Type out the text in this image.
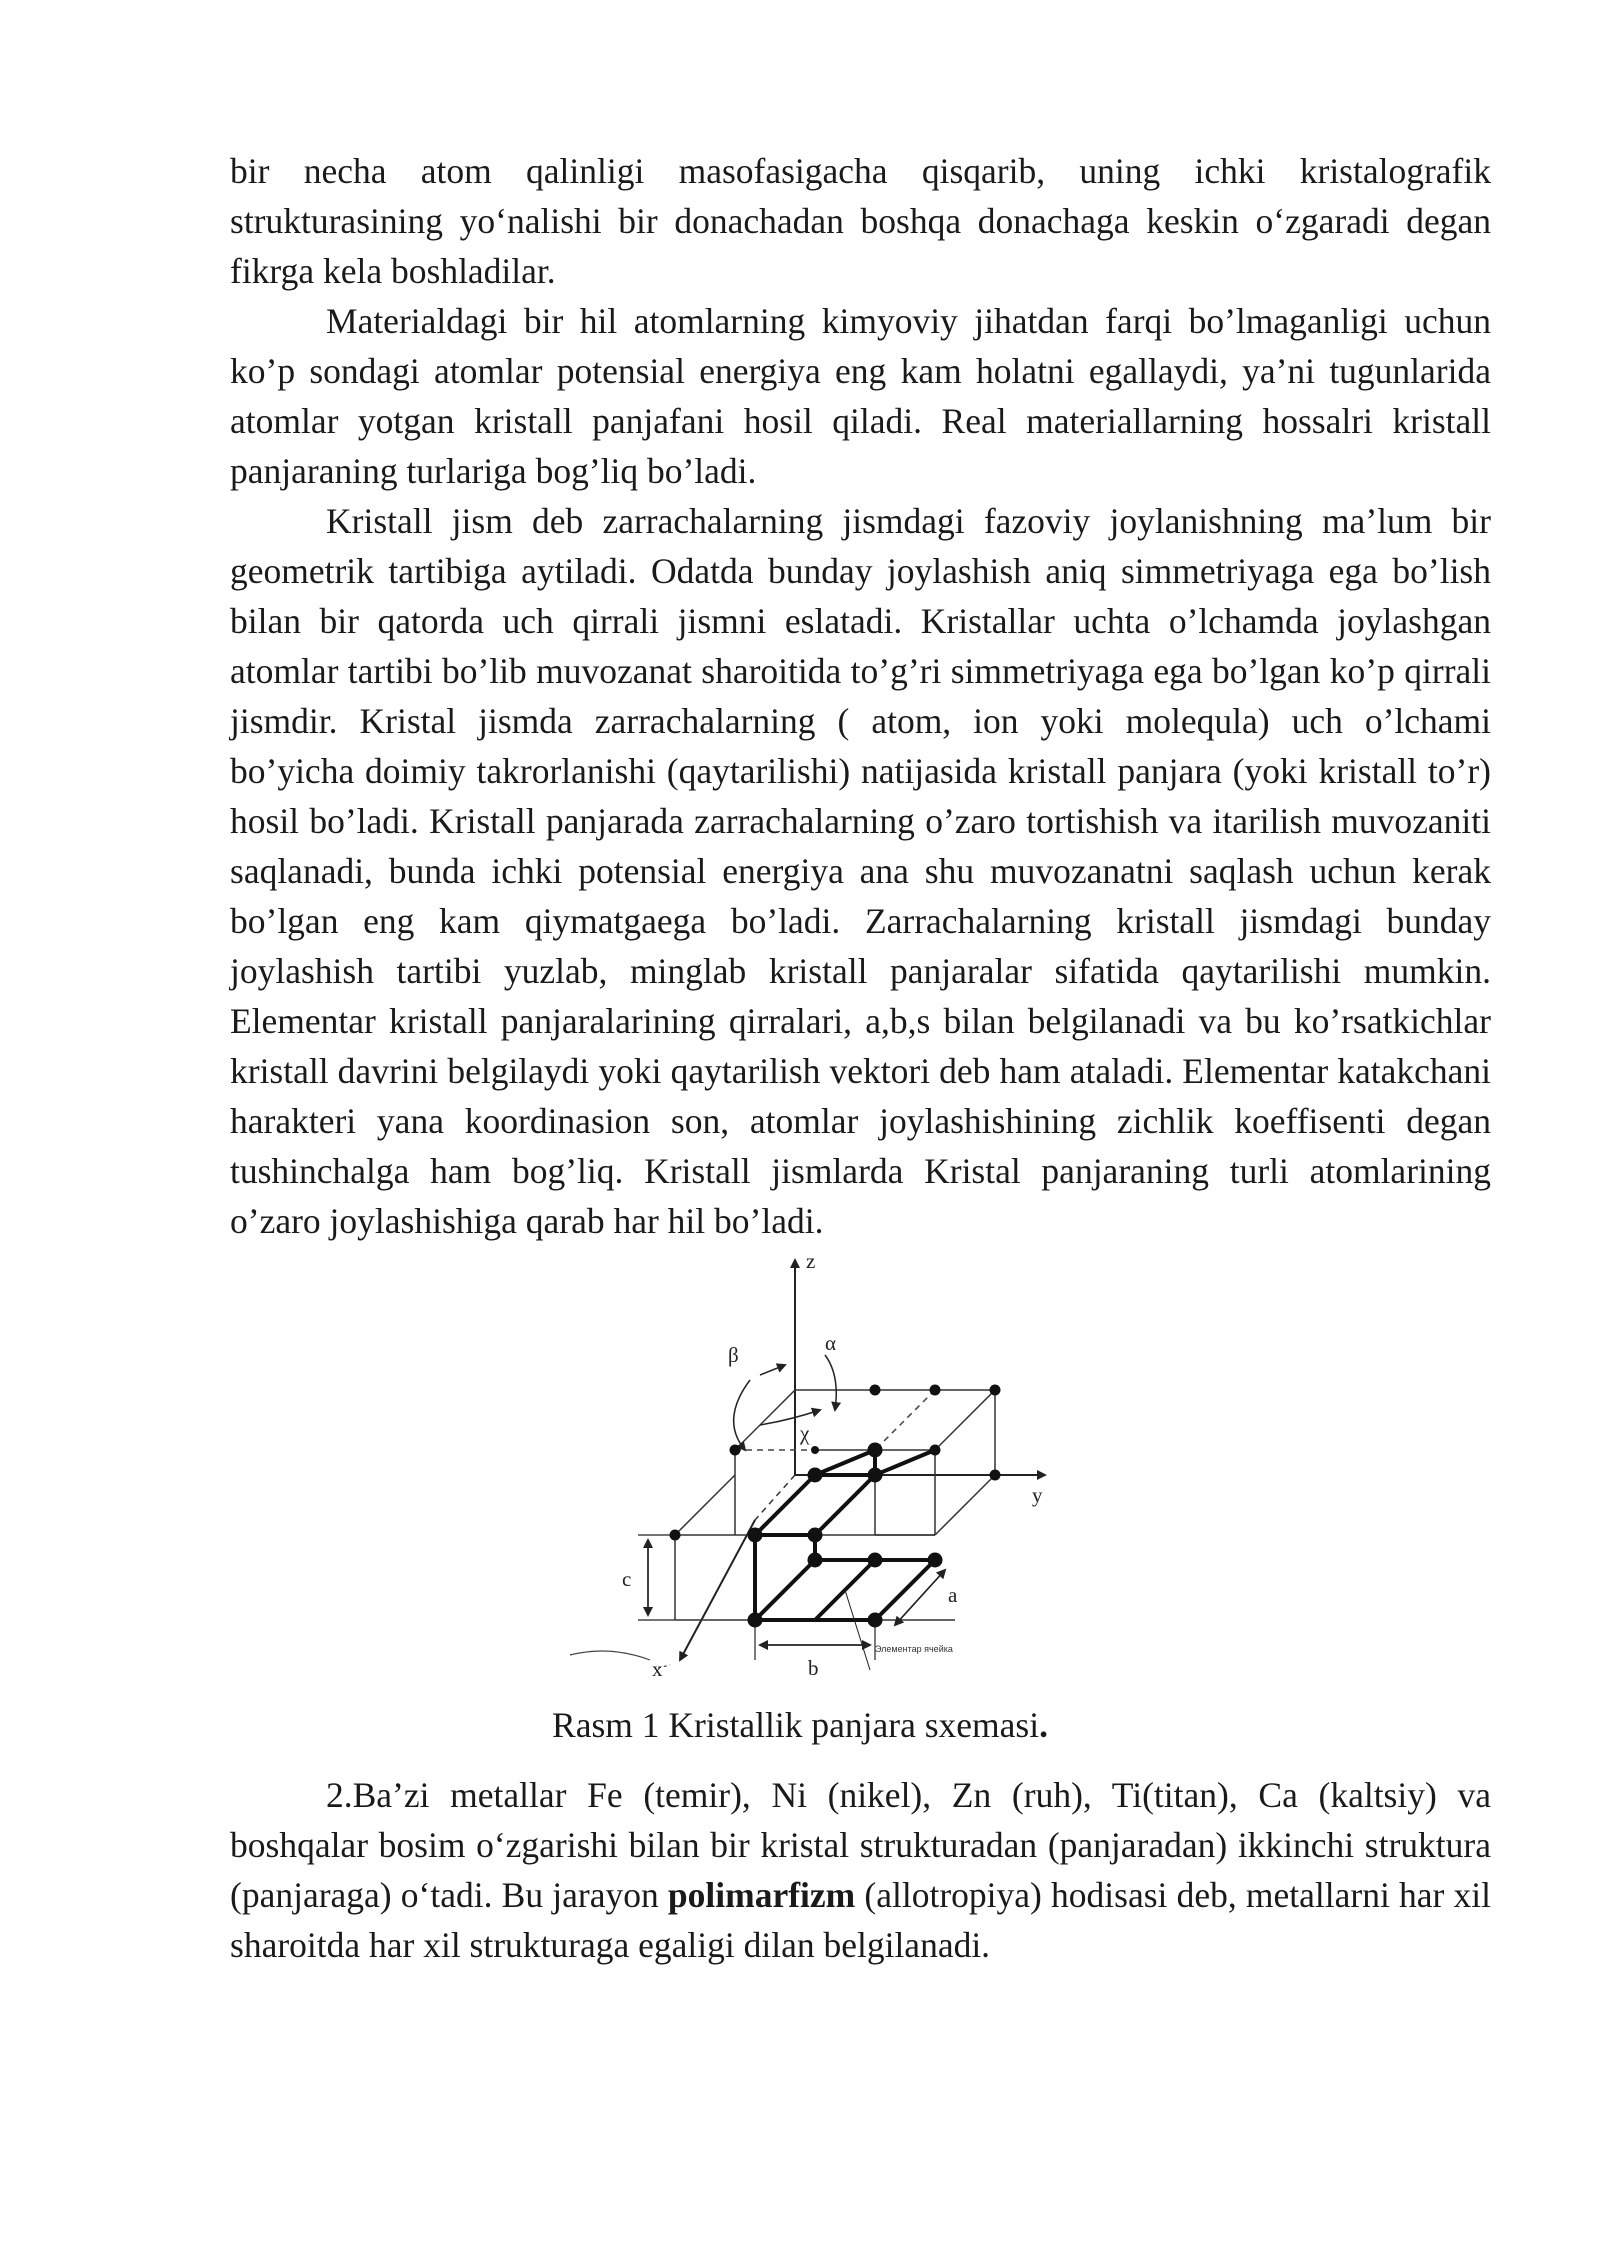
bir necha atom qalinligi masofasigacha qisqarib, uning ichki kristalografik strukturasining yo‘nalishi bir donachadan boshqa donachaga keskin o‘zgaradi degan fikrga kela boshladilar.

Materialdagi bir hil atomlarning kimyoviy jihatdan farqi bo’lmaganligi uchun ko’p sondagi atomlar potensial energiya eng kam holatni egallaydi, ya’ni tugunlarida atomlar yotgan kristall panjafani hosil qiladi. Real materiallarning hossalri kristall panjaraning turlariga bog’liq bo’ladi.

Kristall jism deb zarrachalarning jismdagi fazoviy joylanishning ma’lum bir geometrik tartibiga aytiladi. Odatda bunday joylashish aniq simmetriyaga ega bo’lish bilan bir qatorda uch qirrali jismni eslatadi. Kristallar uchta o’lchamda joylashgan atomlar tartibi bo’lib muvozanat sharoitida to’g’ri simmetriyaga ega bo’lgan ko’p qirrali jismdir. Kristal jismda zarrachalarning ( atom, ion yoki molequla) uch o’lchami bo’yicha doimiy takrorlanishi (qaytarilishi) natijasida kristall panjara (yoki kristall to’r) hosil bo’ladi. Kristall panjarada zarrachalarning o’zaro tortishish va itarilish muvozaniti saqlanadi, bunda ichki potensial energiya ana shu muvozanatni saqlash uchun kerak bo’lgan eng kam qiymatgaega bo’ladi. Zarrachalarning kristall jismdagi bunday joylashish tartibi yuzlab, minglab kristall panjaralar sifatida qaytarilishi mumkin. Elementar kristall panjaralarining qirralari, a,b,s bilan belgilanadi va bu ko’rsatkichlar kristall davrini belgilaydi yoki qaytarilish vektori deb ham ataladi. Elementar katakchani harakteri yana koordinasion son, atomlar joylashishining zichlik koeffisenti degan tushinchalga ham bog’liq. Kristall jismlarda Kristal panjaraning turli atomlarining o’zaro joylashishiga qarab har hil bo’ladi.

z
y
x
α
β
χ
c
b
a
Элементар ячейка
Rasm 1 Kristallik panjara sxemasi.

2.Ba’zi metallar Fe (temir), Ni (nikel), Zn (ruh), Ti(titan), Ca (kaltsiy) va boshqalar bosim o‘zgarishi bilan bir kristal strukturadan (panjaradan) ikkinchi struktura (panjaraga) o‘tadi. Bu jarayon polimarfizm (allotropiya) hodisasi deb, metallarni har xil sharoitda har xil strukturaga egaligi dilan belgilanadi.
